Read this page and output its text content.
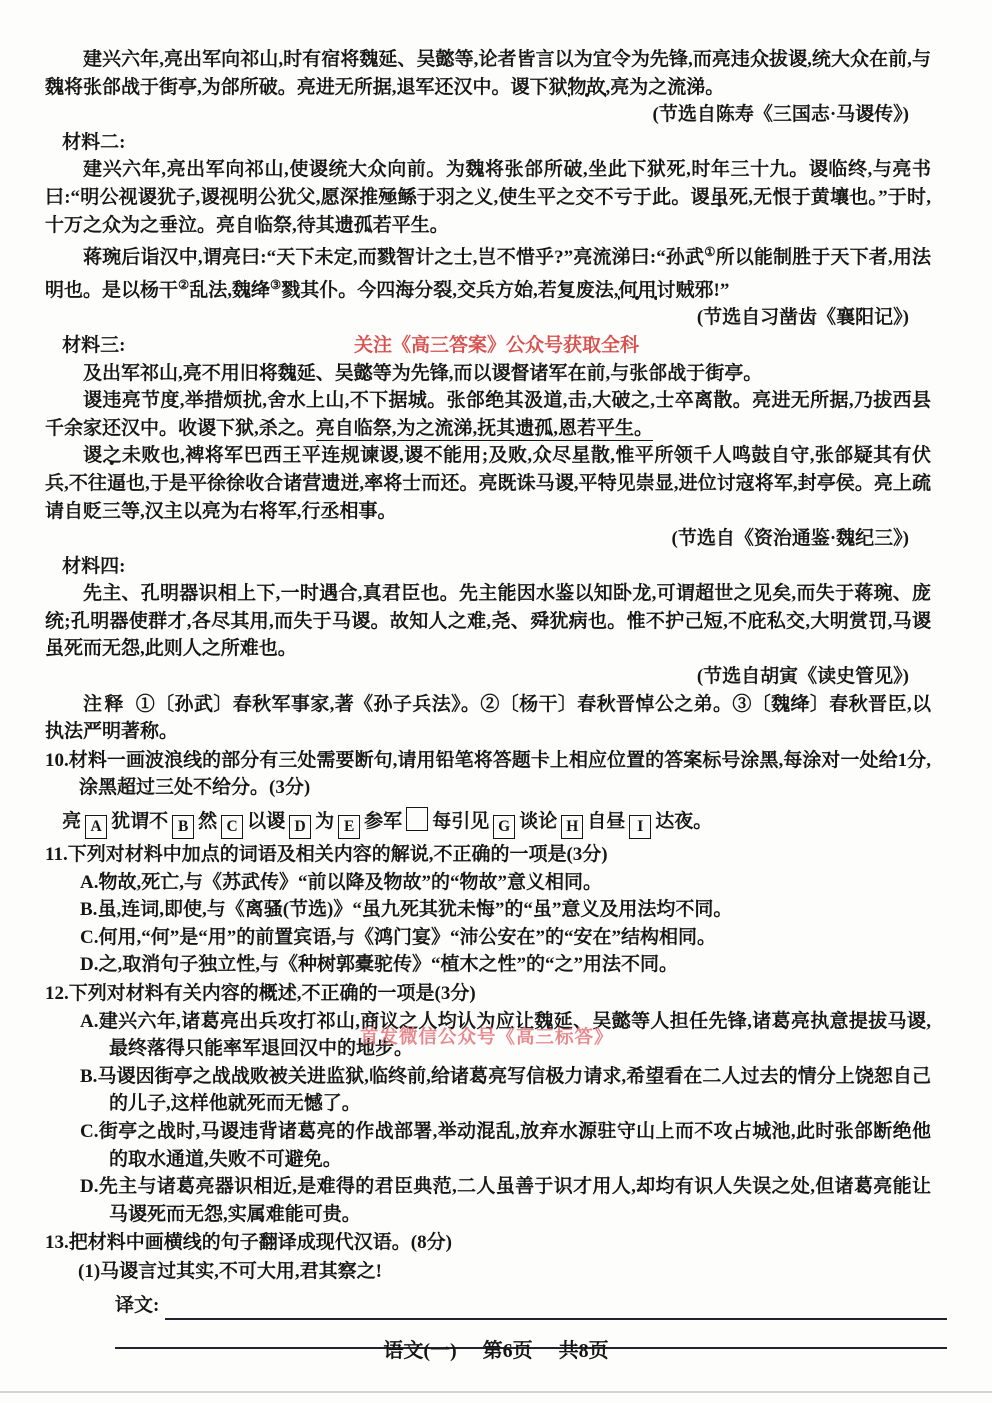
建兴六年,亮出军向祁山,时有宿将魏延、吴懿等,论者皆言以为宜令为先锋,而亮违众拔谡,统大众在前,与魏将张郃战于街亭,为郃所破。亮进无所据,退军还汉中。谡下狱物故,亮为之流涕。

(节选自陈寿《三国志·马谡传》)

材料二:

建兴六年,亮出军向祁山,使谡统大众向前。为魏将张郃所破,坐此下狱死,时年三十九。谡临终,与亮书曰:“明公视谡犹子,谡视明公犹父,愿深推殛鲧于羽之义,使生平之交不亏于此。谡虽死,无恨于黄壤也。”于时,十万之众为之垂泣。亮自临祭,待其遗孤若平生。

蒋琬后诣汉中,谓亮曰:“天下未定,而戮智计之士,岂不惜乎?”亮流涕曰:“孙武①所以能制胜于天下者,用法明也。是以杨干②乱法,魏绛③戮其仆。今四海分裂,交兵方始,若复废法,何用讨贼邪!”

(节选自习凿齿《襄阳记》)

材料三:	关注《高三答案》公众号获取全科

及出军祁山,亮不用旧将魏延、吴懿等为先锋,而以谡督诸军在前,与张郃战于街亭。

谡违亮节度,举措烦扰,舍水上山,不下据城。张郃绝其汲道,击,大破之,士卒离散。亮进无所据,乃拔西县千余家还汉中。收谡下狱,杀之。亮自临祭,为之流涕,抚其遗孤,恩若平生。

谡之未败也,裨将军巴西王平连规谏谡,谡不能用;及败,众尽星散,惟平所领千人鸣鼓自守,张郃疑其有伏兵,不往逼也,于是平徐徐收合诸营遗迸,率将士而还。亮既诛马谡,平特见崇显,进位讨寇将军,封亭侯。亮上疏请自贬三等,汉主以亮为右将军,行丞相事。

(节选自《资治通鉴·魏纪三》)

材料四:

先主、孔明器识相上下,一时遇合,真君臣也。先主能因水鉴以知卧龙,可谓超世之见矣,而失于蒋琬、庞统;孔明器使群才,各尽其用,而失于马谡。故知人之难,尧、舜犹病也。惟不护己短,不庇私交,大明赏罚,马谡虽死而无怨,此则人之所难也。

(节选自胡寅《读史管见》)

注释 ①〔孙武〕春秋军事家,著《孙子兵法》。②〔杨干〕春秋晋悼公之弟。③〔魏绛〕春秋晋臣,以执法严明著称。

10.材料一画波浪线的部分有三处需要断句,请用铅笔将答题卡上相应位置的答案标号涂黑,每涂对一处给1分,涂黑超过三处不给分。(3分)

亮 A 犹谓不 B 然 C 以谡 D 为 E 参军 每引见 G 谈论 H 自昼 I 达夜。

11.下列对材料中加点的词语及相关内容的解说,不正确的一项是(3分)

A.物故,死亡,与《苏武传》“前以降及物故”的“物故”意义相同。

B.虽,连词,即使,与《离骚(节选)》“虽九死其犹未悔”的“虽”意义及用法均不同。

C.何用,“何”是“用”的前置宾语,与《鸿门宴》“沛公安在”的“安在”结构相同。

D.之,取消句子独立性,与《种树郭橐驼传》“植木之性”的“之”用法不同。

12.下列对材料有关内容的概述,不正确的一项是(3分)

A.建兴六年,诸葛亮出兵攻打祁山,商议之人均认为应让魏延、吴懿等人担任先锋,诸葛亮执意提拔马谡,最终落得只能率军退回汉中的地步。
首发微信公众号《高三标答》

B.马谡因街亭之战战败被关进监狱,临终前,给诸葛亮写信极力请求,希望看在二人过去的情分上饶恕自己的儿子,这样他就死而无憾了。

C.街亭之战时,马谡违背诸葛亮的作战部署,举动混乱,放弃水源驻守山上而不攻占城池,此时张郃断绝他的取水通道,失败不可避免。

D.先主与诸葛亮器识相近,是难得的君臣典范,二人虽善于识才用人,却均有识人失误之处,但诸葛亮能让马谡死而无怨,实属难能可贵。

13.把材料中画横线的句子翻译成现代汉语。(8分)

(1)马谡言过其实,不可大用,君其察之!

译文:
语文(一) 第6页 共8页
